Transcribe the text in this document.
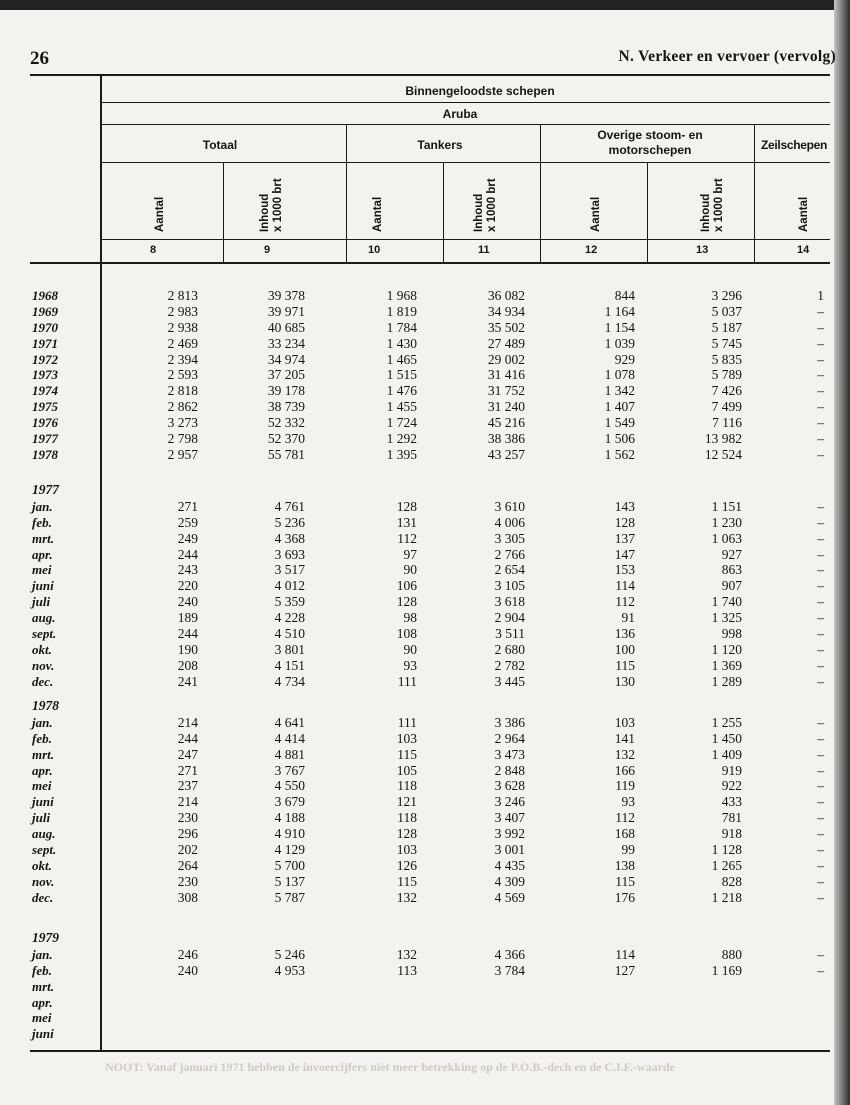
26	N. Verkeer en vervoer (vervolg)
Binnengeloodste schepen
Aruba
Totaal	Tankers
Overige stoom- en motorschepen	Zeilschepen
Aantal	Inhoud
x 1000 brt	Aantal	Inhoud
x 1000 brt	Aantal	Inhoud
x 1000 brt	Aantal
8	9	10	11	12	13	14
1968	2 813	39 378	1 968	36 082	844	3 296	1
1969	2 983	39 971	1 819	34 934	1 164	5 037	–
1970	2 938	40 685	1 784	35 502	1 154	5 187	–
1971	2 469	33 234	1 430	27 489	1 039	5 745	–
1972	2 394	34 974	1 465	29 002	929	5 835	–
1973	2 593	37 205	1 515	31 416	1 078	5 789	–
1974	2 818	39 178	1 476	31 752	1 342	7 426	–
1975	2 862	38 739	1 455	31 240	1 407	7 499	–
1976	3 273	52 332	1 724	45 216	1 549	7 116	–
1977	2 798	52 370	1 292	38 386	1 506	13 982	–
1978	2 957	55 781	1 395	43 257	1 562	12 524	–
1977
jan.	271	4 761	128	3 610	143	1 151	–
feb.	259	5 236	131	4 006	128	1 230	–
mrt.	249	4 368	112	3 305	137	1 063	–
apr.	244	3 693	97	2 766	147	927	–
mei	243	3 517	90	2 654	153	863	–
juni	220	4 012	106	3 105	114	907	–
juli	240	5 359	128	3 618	112	1 740	–
aug.	189	4 228	98	2 904	91	1 325	–
sept.	244	4 510	108	3 511	136	998	–
okt.	190	3 801	90	2 680	100	1 120	–
nov.	208	4 151	93	2 782	115	1 369	–
dec.	241	4 734	111	3 445	130	1 289	–
1978
jan.	214	4 641	111	3 386	103	1 255	–
feb.	244	4 414	103	2 964	141	1 450	–
mrt.	247	4 881	115	3 473	132	1 409	–
apr.	271	3 767	105	2 848	166	919	–
mei	237	4 550	118	3 628	119	922	–
juni	214	3 679	121	3 246	93	433	–
juli	230	4 188	118	3 407	112	781	–
aug.	296	4 910	128	3 992	168	918	–
sept.	202	4 129	103	3 001	99	1 128	–
okt.	264	5 700	126	4 435	138	1 265	–
nov.	230	5 137	115	4 309	115	828	–
dec.	308	5 787	132	4 569	176	1 218	–
1979
jan.	246	5 246	132	4 366	114	880	–
feb.	240	4 953	113	3 784	127	1 169	–
mrt.
apr.
mei
juni
NOOT: Vanaf januari 1971 hebben de invoercijfers niet meer betrekking op de P.O.B.-dech en de C.I.F.-waarde
